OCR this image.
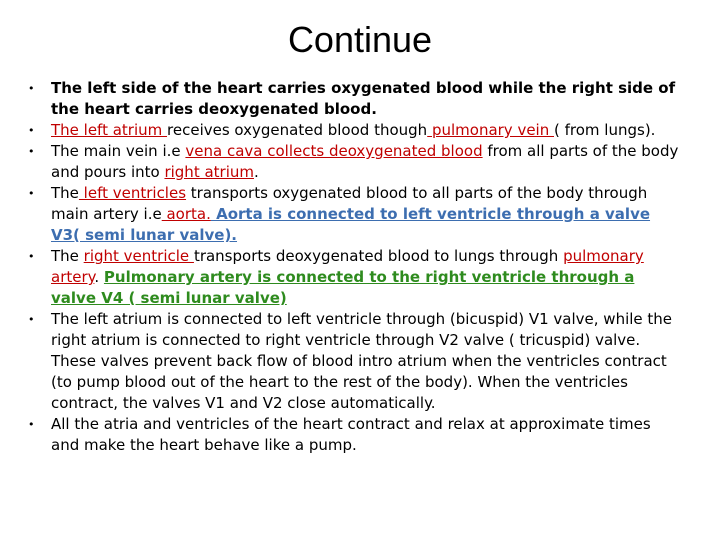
Continue
• The left side of the heart carries oxygenated blood while the right side of the heart carries deoxygenated blood.
• The left atrium receives oxygenated blood though pulmonary vein ( from lungs).
• The main vein i.e vena cava collects deoxygenated blood from all parts of the body and pours into right atrium.
• The left ventricles transports oxygenated blood to all parts of the body through main artery i.e aorta. Aorta is connected to left ventricle through a valve V3( semi lunar valve).
• The right ventricle transports deoxygenated blood to lungs through pulmonary artery. Pulmonary artery is connected to the right ventricle through a valve V4 ( semi lunar valve)
• The left atrium is connected to left ventricle through (bicuspid) V1 valve, while the right atrium is connected to right ventricle through V2 valve ( tricuspid) valve. These valves prevent back flow of blood intro atrium when the ventricles contract (to pump blood out of the heart to the rest of the body). When the ventricles contract, the valves V1 and V2 close automatically.
• All the atria and ventricles of the heart contract and relax at approximate times and make the heart behave like a pump.
